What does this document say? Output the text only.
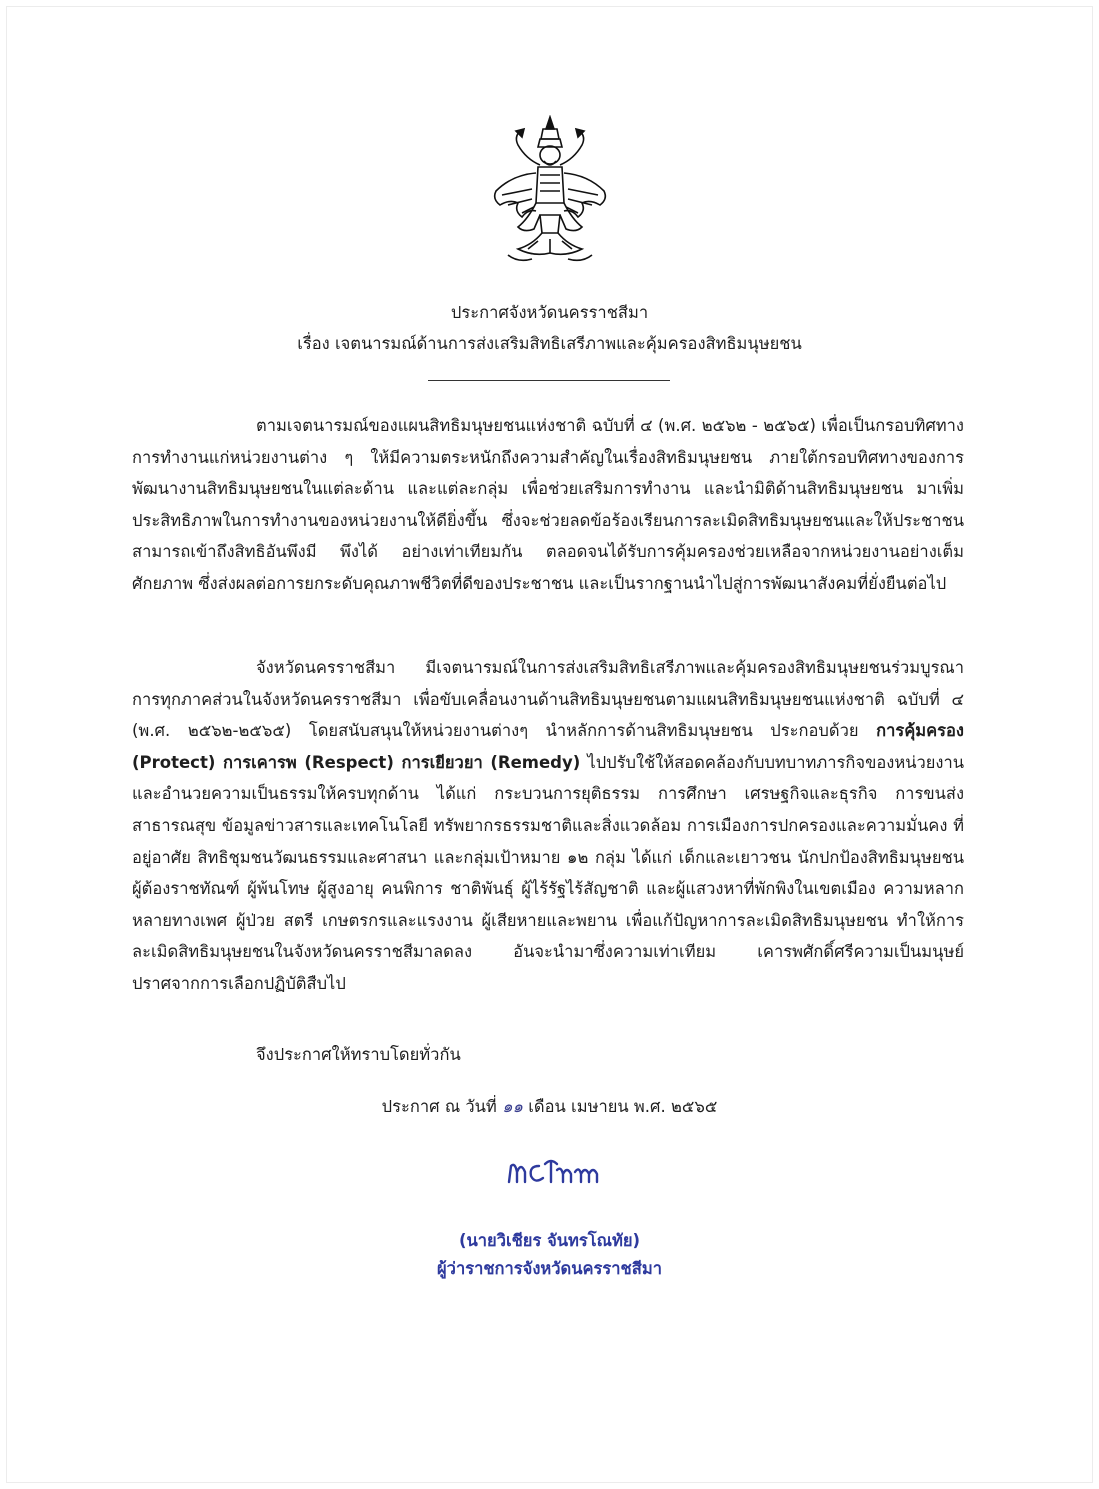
ประกาศจังหวัดนครราชสีมา
เรื่อง เจตนารมณ์ด้านการส่งเสริมสิทธิเสรีภาพและคุ้มครองสิทธิมนุษยชน

ตามเจตนารมณ์ของแผนสิทธิมนุษยชนแห่งชาติ ฉบับที่ ๔ (พ.ศ. ๒๕๖๒ - ๒๕๖๕) เพื่อเป็นกรอบทิศทางการทำงานแก่หน่วยงานต่าง ๆ ให้มีความตระหนักถึงความสำคัญในเรื่องสิทธิมนุษยชน ภายใต้กรอบทิศทางของการพัฒนางานสิทธิมนุษยชนในแต่ละด้าน และแต่ละกลุ่ม เพื่อช่วยเสริมการทำงาน และนำมิติด้านสิทธิมนุษยชน มาเพิ่มประสิทธิภาพในการทำงานของหน่วยงานให้ดียิ่งขึ้น ซึ่งจะช่วยลดข้อร้องเรียนการละเมิดสิทธิมนุษยชนและให้ประชาชนสามารถเข้าถึงสิทธิอันพึงมี พึงได้ อย่างเท่าเทียมกัน ตลอดจนได้รับการคุ้มครองช่วยเหลือจากหน่วยงานอย่างเต็มศักยภาพ ซึ่งส่งผลต่อการยกระดับคุณภาพชีวิตที่ดีของประชาชน และเป็นรากฐานนำไปสู่การพัฒนาสังคมที่ยั่งยืนต่อไป

จังหวัดนครราชสีมา มีเจตนารมณ์ในการส่งเสริมสิทธิเสรีภาพและคุ้มครองสิทธิมนุษยชนร่วมบูรณาการทุกภาคส่วนในจังหวัดนครราชสีมา เพื่อขับเคลื่อนงานด้านสิทธิมนุษยชนตามแผนสิทธิมนุษยชนแห่งชาติ ฉบับที่ ๔ (พ.ศ. ๒๕๖๒-๒๕๖๕) โดยสนับสนุนให้หน่วยงานต่างๆ นำหลักการด้านสิทธิมนุษยชน ประกอบด้วย การคุ้มครอง (Protect) การเคารพ (Respect) การเยียวยา (Remedy) ไปปรับใช้ให้สอดคล้องกับบทบาทภารกิจของหน่วยงาน และอำนวยความเป็นธรรมให้ครบทุกด้าน ได้แก่ กระบวนการยุติธรรม การศึกษา เศรษฐกิจและธุรกิจ การขนส่ง สาธารณสุข ข้อมูลข่าวสารและเทคโนโลยี ทรัพยากรธรรมชาติและสิ่งแวดล้อม การเมืองการปกครองและความมั่นคง ที่อยู่อาศัย สิทธิชุมชนวัฒนธรรมและศาสนา และกลุ่มเป้าหมาย ๑๒ กลุ่ม ได้แก่ เด็กและเยาวชน นักปกป้องสิทธิมนุษยชน ผู้ต้องราชทัณฑ์ ผู้พ้นโทษ ผู้สูงอายุ คนพิการ ชาติพันธุ์ ผู้ไร้รัฐไร้สัญชาติ และผู้แสวงหาที่พักพิงในเขตเมือง ความหลากหลายทางเพศ ผู้ป่วย สตรี เกษตรกรและแรงงาน ผู้เสียหายและพยาน เพื่อแก้ปัญหาการละเมิดสิทธิมนุษยชน ทำให้การละเมิดสิทธิมนุษยชนในจังหวัดนครราชสีมาลดลง อันจะนำมาซึ่งความเท่าเทียม เคารพศักดิ์ศรีความเป็นมนุษย์ ปราศจากการเลือกปฏิบัติสืบไป

จึงประกาศให้ทราบโดยทั่วกัน
ประกาศ ณ วันที่ ๑๑ เดือน เมษายน พ.ศ. ๒๕๖๕
(นายวิเชียร จันทรโณทัย)
ผู้ว่าราชการจังหวัดนครราชสีมา
